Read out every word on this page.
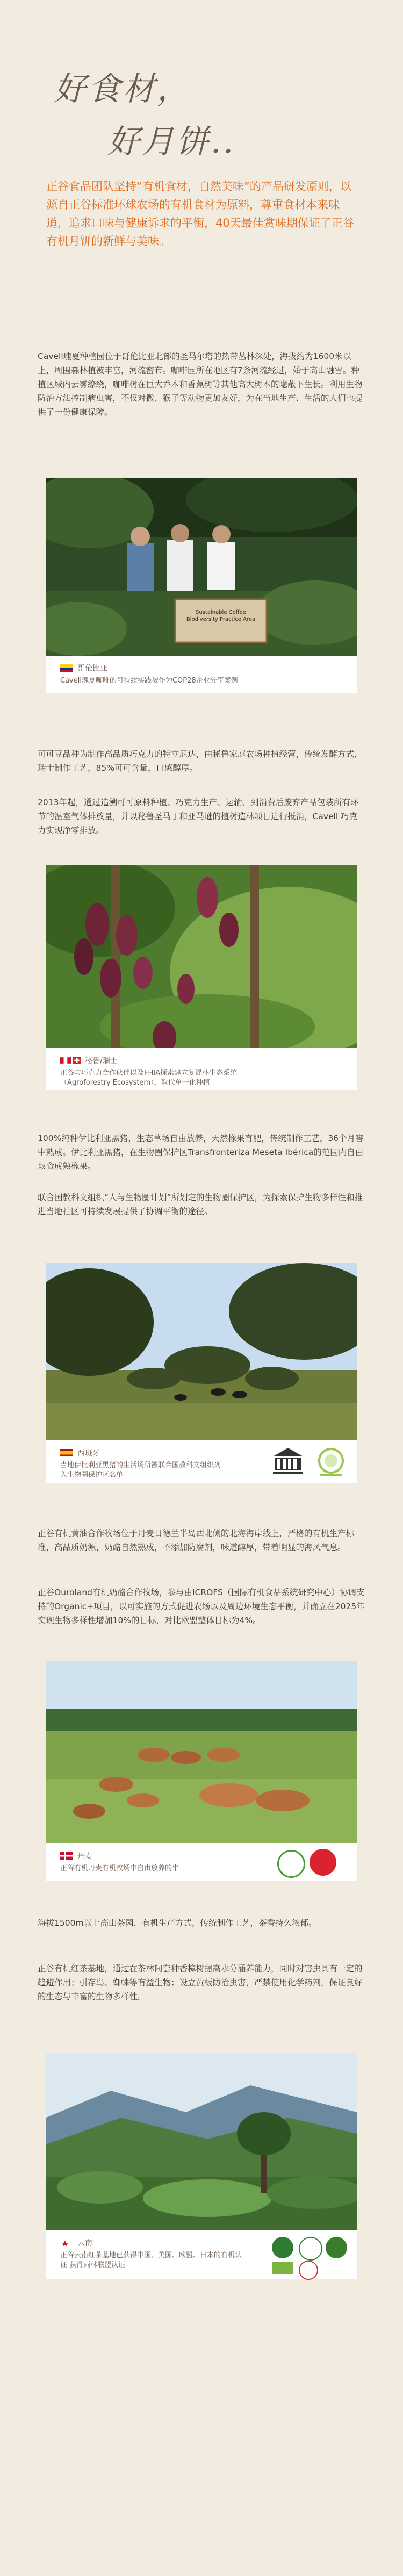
好食材，
好月饼..
正谷食品团队坚持“有机食材，自然美味”的产品研发原则，以源自正谷标准环球农场的有机食材为原料，尊重食材本来味道，追求口味与健康诉求的平衡，40天最佳赏味期保证了正谷有机月饼的新鲜与美味。
Cavell瑰夏种植园位于哥伦比亚北部的圣马尔塔的热带丛林深处，海拔约为1600米以上，周围森林植被丰富，河流密布。咖啡园所在地区有7条河流经过，始于高山融雪。种植区域内云雾缭绕，咖啡树在巨大乔木和香蕉树等其他高大树木的隐蔽下生长。利用生物防治方法控制病虫害，不仅对微、猴子等动物更加友好，为在当地生产、生活的人们也提供了一份健康保障。
Sustainable Coffee Biodiversity Practice Area
哥伦比亚
Cavell瑰夏咖啡的可持续实践被作为COP28企业分享案例
可可豆品种为制作高品质巧克力的特立尼达，由秘鲁家庭农场种植经营，传统发酵方式，瑞士制作工艺，85%可可含量，口感醇厚。
2013年起，通过追溯可可原料种植、巧克力生产、运输、到消费后废弃产品包装所有环节的温室气体排放量，并以秘鲁圣马丁和亚马逊的植树造林项目进行抵消，Cavell 巧克力实现净零排放。
秘鲁/瑞士
正谷与巧克力合作伙伴以及FHIA探索建立复混林生态系统（Agroforestry Ecosystem），取代单一化种植
100%纯种伊比利亚黑猪，生态草场自由放养，天然橡果育肥，传统制作工艺，36个月窖中熟成。伊比利亚黑猪，在生物圈保护区Transfronteriza Meseta Ibérica的范围内自由取食成熟橡果。
联合国教科文组织“人与生物圈计划”所划定的生物圈保护区，为探索保护生物多样性和推进当地社区可持续发展提供了协调平衡的途径。
西班牙
当地伊比利亚黑猪的生活场所被联合国教科文组织列入生物圈保护区名单
正谷有机黄油合作牧场位于丹麦日德兰半岛西北侧的北海海岸线上，严格的有机生产标准，高品质奶源，奶酪自然熟成，不添加防腐剂，味道醇厚，带着明显的海风气息。
正谷Ouroland有机奶酪合作牧场，参与由ICROFS（国际有机食品系统研究中心）协调支持的Organic+项目，以可实施的方式促进农场以及周边环境生态平衡，并确立在2025年实现生物多样性增加10%的目标，对比欧盟整体目标为4%。
丹麦
正谷有机丹麦有机牧场中自由放养的牛
海拔1500m以上高山茶园，有机生产方式，传统制作工艺，茶香持久浓郁。
正谷有机红茶基地，通过在茶林间套种香樟树提高水分涵养能力，同时对害虫具有一定的趋避作用；引存鸟、蜘蛛等有益生物；设立黄板防治虫害，严禁使用化学药剂，保证良好的生态与丰富的生物多样性。
云南
正谷云南红茶基地已获得中国、美国、欧盟、日本的有机认证 获得雨林联盟认证
